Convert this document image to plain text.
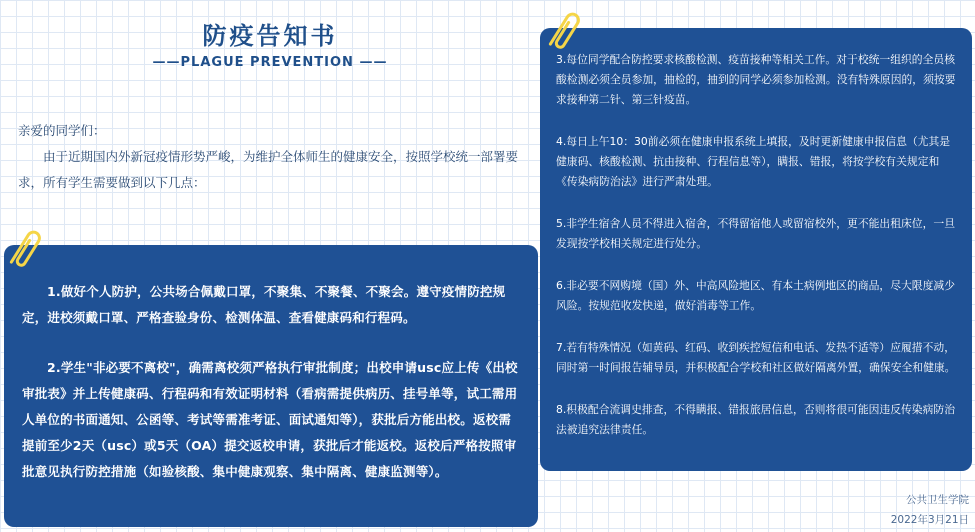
防疫告知书
——PLAGUE PREVENTION ——

亲爱的同学们：

由于近期国内外新冠疫情形势严峻，为维护全体师生的健康安全，按照学校统一部署要求，所有学生需要做到以下几点：

1.做好个人防护，公共场合佩戴口罩，不聚集、不聚餐、不聚会。遵守疫情防控规定，进校须戴口罩、严格查验身份、检测体温、查看健康码和行程码。

2.学生"非必要不离校"，确需离校须严格执行审批制度；出校申请usc应上传《出校审批表》并上传健康码、行程码和有效证明材料（看病需提供病历、挂号单等，试工需用人单位的书面通知、公函等、考试等需准考证、面试通知等），获批后方能出校。返校需提前至少2天（usc）或5天（OA）提交返校申请，获批后才能返校。返校后严格按照审批意见执行防控措施（如验核酸、集中健康观察、集中隔离、健康监测等）。

3.每位同学配合防控要求核酸检测、疫苗接种等相关工作。对于校统一组织的全员核酸检测必须全员参加，抽检的，抽到的同学必须参加检测。没有特殊原因的，须按要求接种第二针、第三针疫苗。

4.每日上午10：30前必须在健康申报系统上填报，及时更新健康申报信息（尤其是健康码、核酸检测、抗由接种、行程信息等），瞒报、错报，将按学校有关规定和《传染病防治法》进行严肃处理。

5.非学生宿舍人员不得进入宿舍，不得留宿他人或留宿校外，更不能出租床位，一旦发现按学校相关规定进行处分。

6.非必要不网购境（国）外、中高风险地区、有本土病例地区的商品，尽大限度减少风险。按规范收发快递，做好消毒等工作。

7.若有特殊情况（如黄码、红码、收到疾控短信和电话、发热不适等）应履措不动，同时第一时间报告辅导员，并积极配合学校和社区做好隔离外置，确保安全和健康。

8.积极配合流调史排查，不得瞒报、错报旅居信息，否则将很可能因违反传染病防治法被追究法律责任。

公共卫生学院
2022年3月21日
